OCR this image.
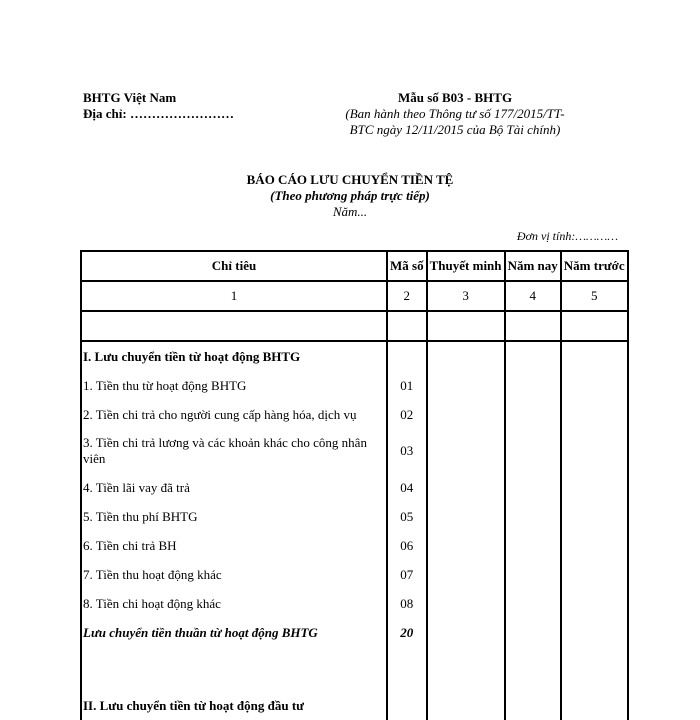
BHTG Việt Nam
Địa chỉ: ……………………
Mẫu số B03 - BHTG
(Ban hành theo Thông tư số 177/2015/TT-
BTC ngày 12/11/2015 của Bộ Tài chính)
BÁO CÁO LƯU CHUYỂN TIỀN TỆ
(Theo phương pháp trực tiếp)
Năm...
Đơn vị tính:…………
Chỉ tiêu	Mã số	Thuyết minh	Năm nay	Năm trước
1	2	3	4	5

I. Lưu chuyển tiền từ hoạt động BHTG				
1. Tiền thu từ hoạt động BHTG	01			
2. Tiền chi trả cho người cung cấp hàng hóa, dịch vụ	02			
3. Tiền chi trả lương và các khoản khác cho công nhân viên	03			
4. Tiền lãi vay đã trả	04			
5. Tiền thu phí BHTG	05			
6. Tiền chi trả BH	06			
7. Tiền thu hoạt động khác	07			
8. Tiền chi hoạt động khác	08			
Lưu chuyển tiền thuần từ hoạt động BHTG	20			

II. Lưu chuyển tiền từ hoạt động đầu tư				
